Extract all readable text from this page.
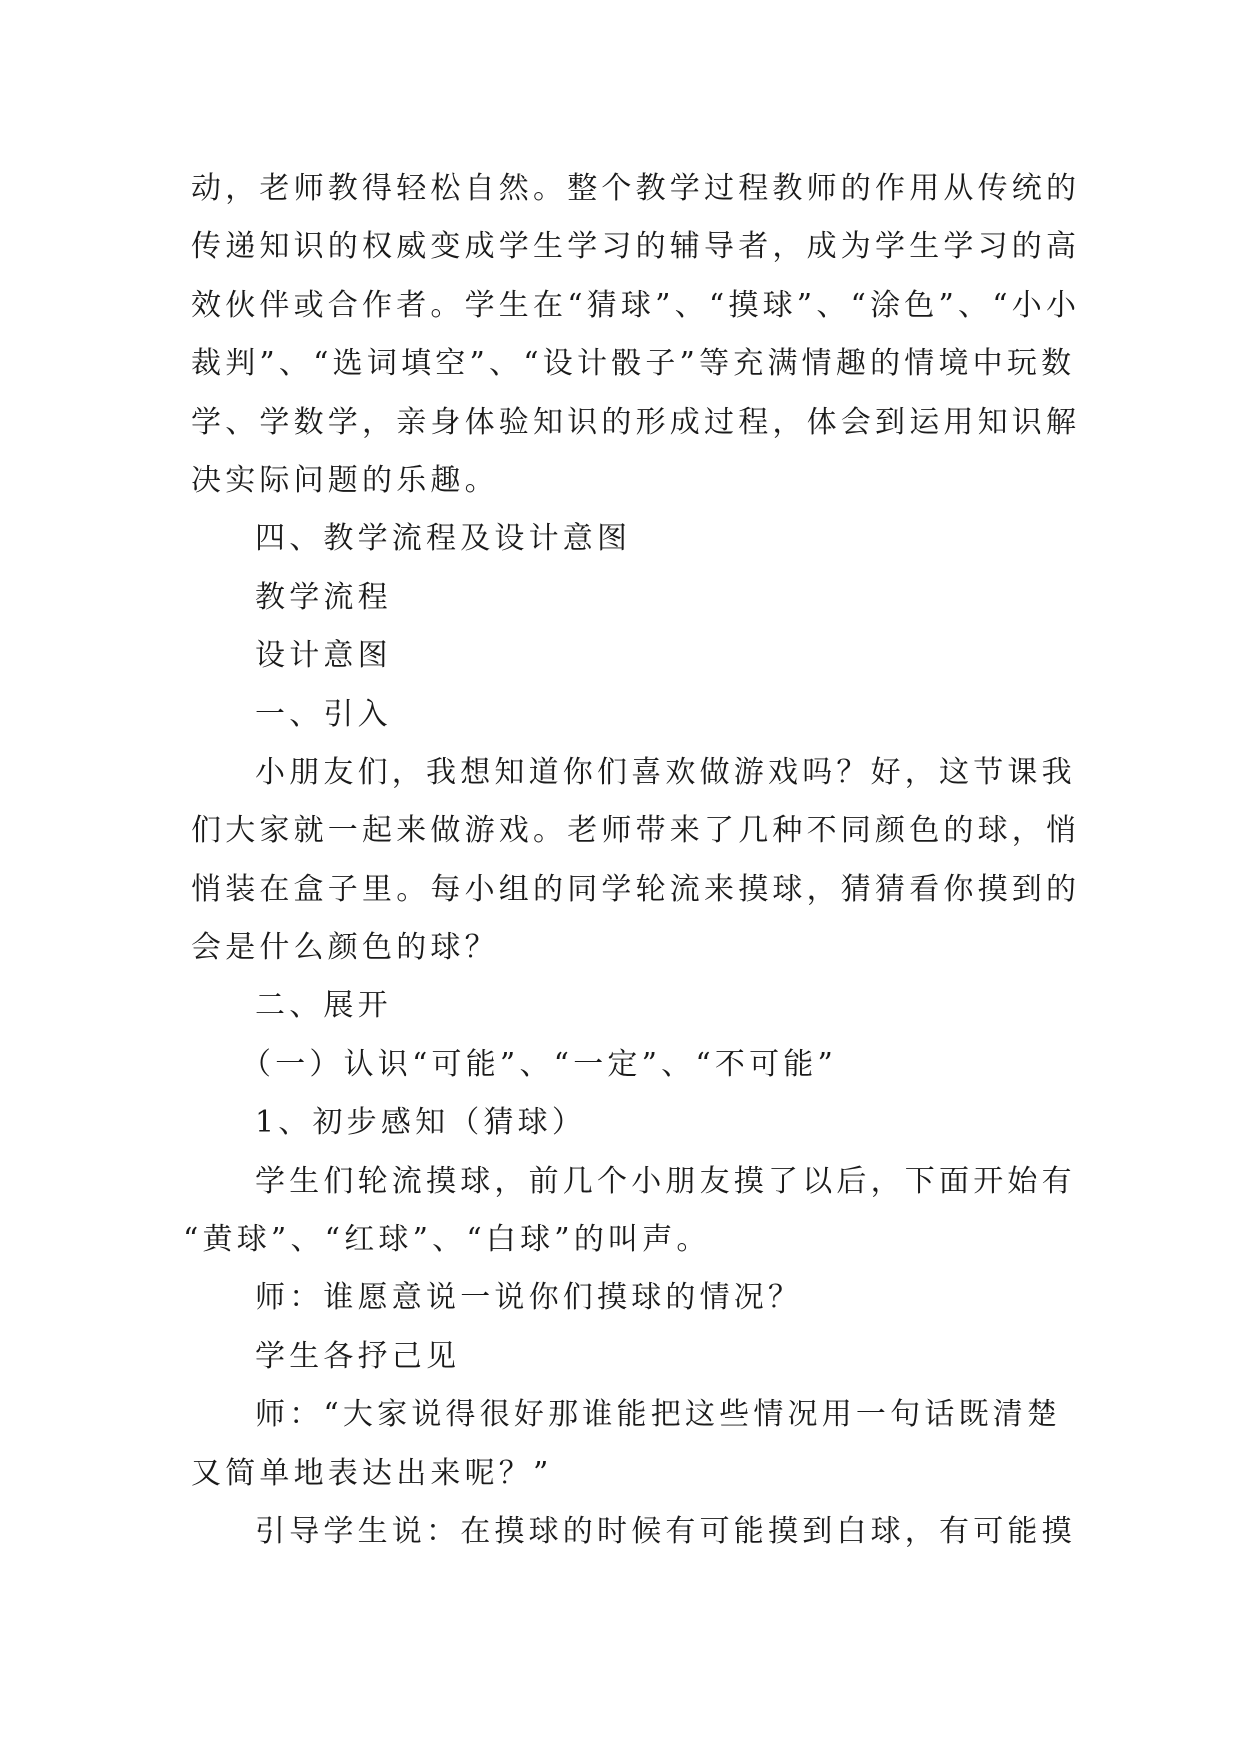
动，老师教得轻松自然。整个教学过程教师的作用从传统的
传递知识的权威变成学生学习的辅导者，成为学生学习的高
效伙伴或合作者。学生在“猜球”、“摸球”、“涂色”、“小小
裁判”、“选词填空”、“设计骰子”等充满情趣的情境中玩数
学、学数学，亲身体验知识的形成过程，体会到运用知识解
决实际问题的乐趣。
四、教学流程及设计意图
教学流程
设计意图
一、引入
小朋友们，我想知道你们喜欢做游戏吗？好，这节课我
们大家就一起来做游戏。老师带来了几种不同颜色的球，悄
悄装在盒子里。每小组的同学轮流来摸球，猜猜看你摸到的
会是什么颜色的球？
二、展开
（一）认识“可能”、“一定”、“不可能”
1、初步感知（猜球）
学生们轮流摸球，前几个小朋友摸了以后，下面开始有
“黄球”、“红球”、“白球”的叫声。
师：谁愿意说一说你们摸球的情况？
学生各抒己见
师：“大家说得很好那谁能把这些情况用一句话既清楚
又简单地表达出来呢？”
引导学生说：在摸球的时候有可能摸到白球，有可能摸
